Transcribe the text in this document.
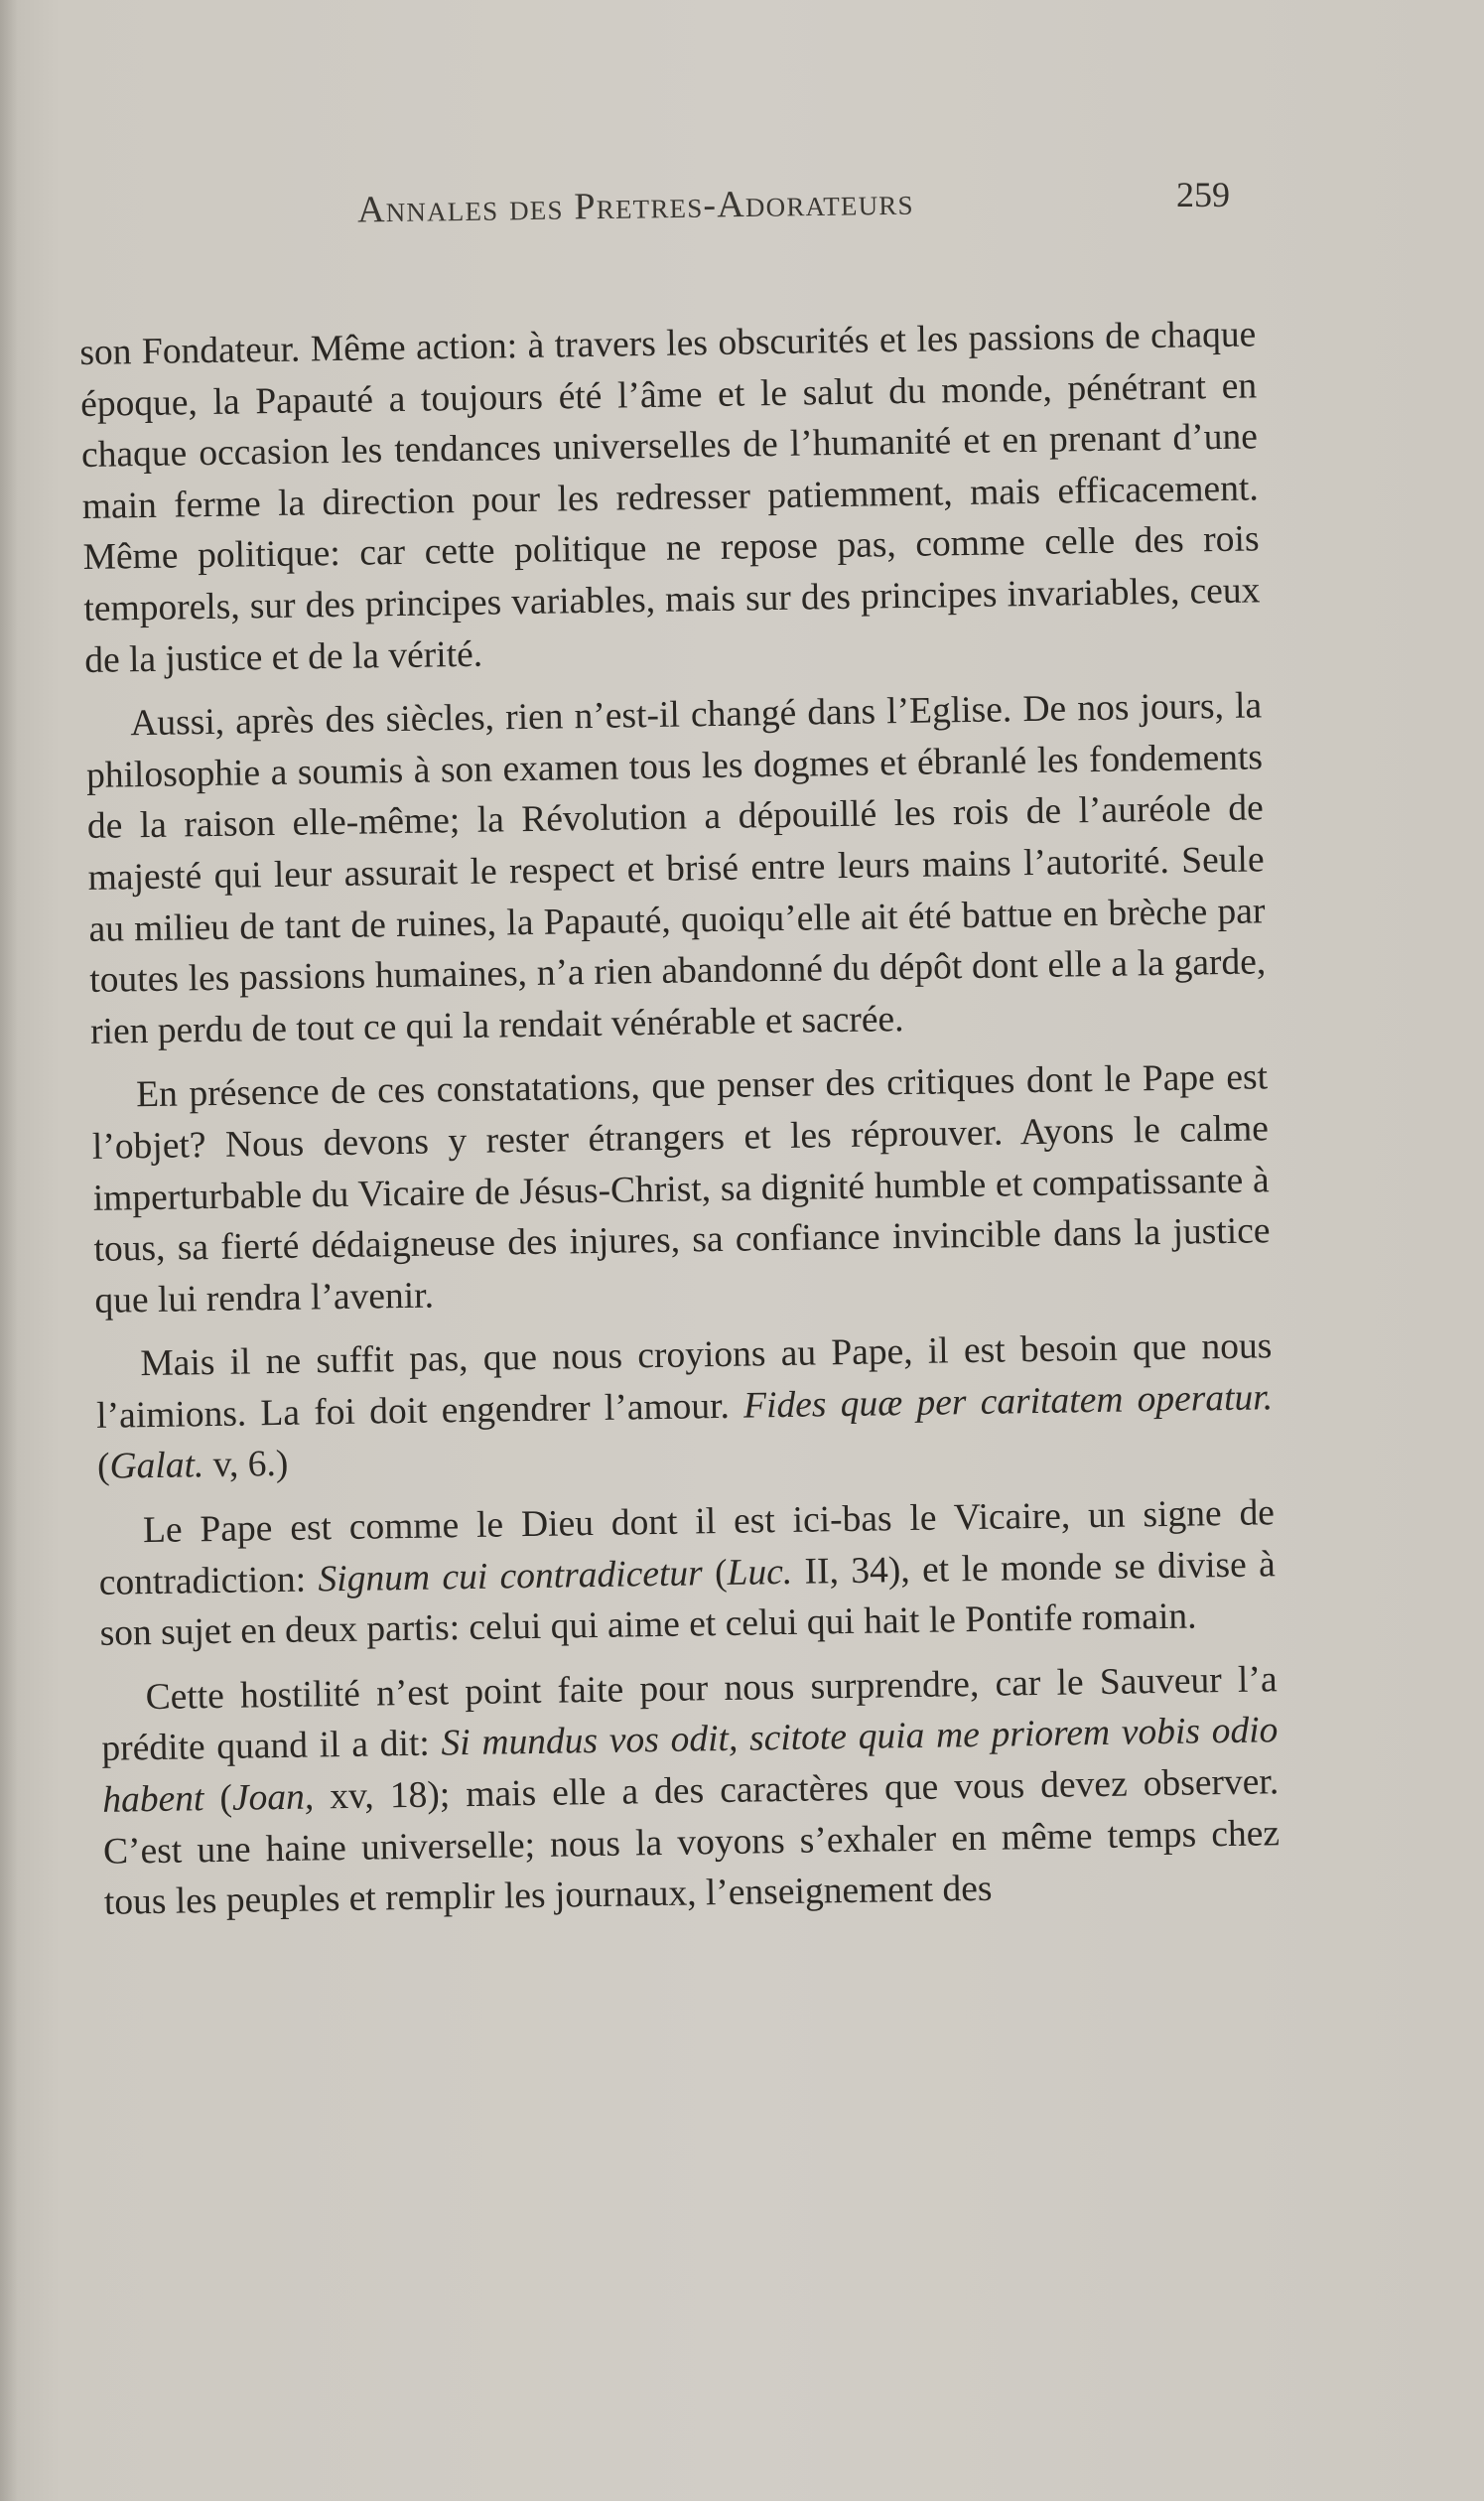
Annales des Pretres-Adorateurs	259

son Fondateur. Même action: à travers les obscurités et les passions de chaque époque, la Papauté a toujours été l’âme et le salut du monde, pénétrant en chaque occasion les tendances universelles de l’humanité et en prenant d’une main ferme la direction pour les redresser patiemment, mais efficacement. Même politique: car cette politique ne repose pas, comme celle des rois temporels, sur des principes variables, mais sur des principes invariables, ceux de la justice et de la vérité.

Aussi, après des siècles, rien n’est-il changé dans l’Eglise. De nos jours, la philosophie a soumis à son examen tous les dogmes et ébranlé les fondements de la raison elle-même; la Révolution a dépouillé les rois de l’auréole de majesté qui leur assurait le respect et brisé entre leurs mains l’autorité. Seule au milieu de tant de ruines, la Papauté, quoiqu’elle ait été battue en brèche par toutes les passions humaines, n’a rien abandonné du dépôt dont elle a la garde, rien perdu de tout ce qui la rendait vénérable et sacrée.

En présence de ces constatations, que penser des critiques dont le Pape est l’objet? Nous devons y rester étrangers et les réprouver. Ayons le calme imperturbable du Vicaire de Jésus-Christ, sa dignité humble et compatissante à tous, sa fierté dédaigneuse des injures, sa confiance invincible dans la justice que lui rendra l’avenir.

Mais il ne suffit pas, que nous croyions au Pape, il est besoin que nous l’aimions. La foi doit engendrer l’amour. Fides quæ per caritatem operatur. (Galat. v, 6.)

Le Pape est comme le Dieu dont il est ici-bas le Vicaire, un signe de contradiction: Signum cui contradicetur (Luc. II, 34), et le monde se divise à son sujet en deux partis: celui qui aime et celui qui hait le Pontife romain.

Cette hostilité n’est point faite pour nous surprendre, car le Sauveur l’a prédite quand il a dit: Si mundus vos odit, scitote quia me priorem vobis odio habent (Joan, xv, 18); mais elle a des caractères que vous devez observer. C’est une haine universelle; nous la voyons s’exhaler en même temps chez tous les peuples et remplir les journaux, l’enseignement des
